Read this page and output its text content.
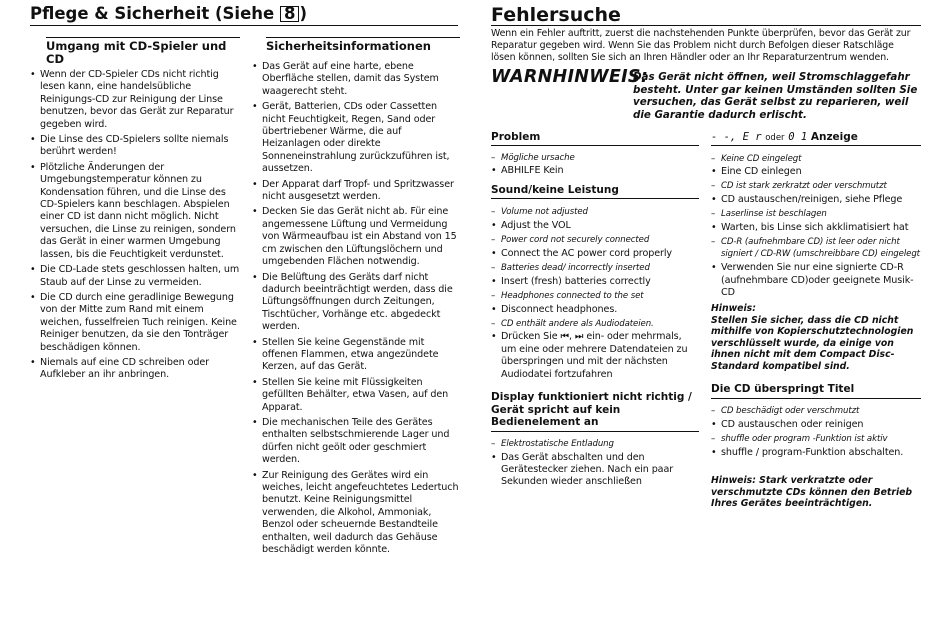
Pflege & Sicherheit (Siehe 8 )
Umgang mit CD-Spieler und CD
• Wenn der CD-Spieler CDs nicht richtig lesen kann, eine handelsübliche Reinigungs-CD zur Reinigung der Linse benutzen, bevor das Gerät zur Reparatur gegeben wird.
• Die Linse des CD-Spielers sollte niemals berührt werden!
• Plötzliche Änderungen der Umgebungstemperatur können zu Kondensation führen, und die Linse des CD-Spielers kann beschlagen. Abspielen einer CD ist dann nicht möglich. Nicht versuchen, die Linse zu reinigen, sondern das Gerät in einer warmen Umgebung lassen, bis die Feuchtigkeit verdunstet.
• Die CD-Lade stets geschlossen halten, um Staub auf der Linse zu vermeiden.
• Die CD durch eine geradlinige Bewegung von der Mitte zum Rand mit einem weichen, fusselfreien Tuch reinigen. Keine Reiniger benutzen, da sie den Tonträger beschädigen können.
• Niemals auf eine CD schreiben oder Aufkleber an ihr anbringen.
Sicherheitsinformationen
• Das Gerät auf eine harte, ebene Oberfläche stellen, damit das System waagerecht steht.
• Gerät, Batterien, CDs oder Cassetten nicht Feuchtigkeit, Regen, Sand oder übertriebener Wärme, die auf Heizanlagen oder direkte Sonneneinstrahlung zurückzuführen ist, aussetzen.
• Der Apparat darf Tropf- und Spritzwasser nicht ausgesetzt werden.
• Decken Sie das Gerät nicht ab. Für eine angemessene Lüftung und Vermeidung von Wärmeaufbau ist ein Abstand von 15 cm zwischen den Lüftungslöchern und umgebenden Flächen notwendig.
• Die Belüftung des Geräts darf nicht dadurch beeinträchtigt werden, dass die Lüftungsöffnungen durch Zeitungen, Tischtücher, Vorhänge etc. abgedeckt werden.
• Stellen Sie keine Gegenstände mit offenen Flammen, etwa angezündete Kerzen, auf das Gerät.
• Stellen Sie keine mit Flüssigkeiten gefüllten Behälter, etwa Vasen, auf den Apparat.
• Die mechanischen Teile des Gerätes enthalten selbstschmierende Lager und dürfen nicht geölt oder geschmiert werden.
• Zur Reinigung des Gerätes wird ein weiches, leicht angefeuchtetes Ledertuch benutzt. Keine Reinigungsmittel verwenden, die Alkohol, Ammoniak, Benzol oder scheuernde Bestandteile enthalten, weil dadurch das Gehäuse beschädigt werden könnte.
Fehlersuche
Wenn ein Fehler auftritt, zuerst die nachstehenden Punkte überprüfen, bevor das Gerät zur Reparatur gegeben wird. Wenn Sie das Problem nicht durch Befolgen dieser Ratschläge lösen können, sollten Sie sich an Ihren Händler oder an Ihr Reparaturzentrum wenden.
WARNHINWEIS:
Das Gerät nicht öffnen, weil Stromschlaggefahr besteht. Unter gar keinen Umständen sollten Sie versuchen, das Gerät selbst zu reparieren, weil die Garantie dadurch erlischt.
Problem
– Mögliche ursache
• ABHILFE Kein
Sound/keine Leistung
– Volume not adjusted
• Adjust the VOL
– Power cord not securely connected
• Connect the AC power cord properly
– Batteries dead/ incorrectly inserted
• Insert (fresh) batteries correctly
– Headphones connected to the set
• Disconnect headphones.
– CD enthält andere als Audiodateien.
• Drücken Sie ⏮, ⏭ ein- oder mehrmals, um eine oder mehrere Datendateien zu überspringen und mit der nächsten Audiodatei fortzufahren
Display funktioniert nicht richtig / Gerät spricht auf kein Bedienelement an
– Elektrostatische Entladung
• Das Gerät abschalten und den Gerätestecker ziehen. Nach ein paar Sekunden wieder anschließen
- -, E r oder 0 1 Anzeige
– Keine CD eingelegt
• Eine CD einlegen
– CD ist stark zerkratzt oder verschmutzt
• CD austauschen/reinigen, siehe Pflege
– Laserlinse ist beschlagen
• Warten, bis Linse sich akklimatisiert hat
– CD-R (aufnehmbare CD) ist leer oder nicht signiert / CD-RW (umschreibbare CD) eingelegt
• Verwenden Sie nur eine signierte CD-R (aufnehmbare CD)oder geeignete Musik-CD
Hinweis:
Stellen Sie sicher, dass die CD nicht mithilfe von Kopierschutztechnologien verschlüsselt wurde, da einige von ihnen nicht mit dem Compact Disc-Standard kompatibel sind.
Die CD überspringt Titel
– CD beschädigt oder verschmutzt
• CD austauschen oder reinigen
– shuffle oder program -Funktion ist aktiv
• shuffle / program-Funktion abschalten.
Hinweis: Stark verkratzte oder verschmutzte CDs können den Betrieb Ihres Gerätes beeinträchtigen.
